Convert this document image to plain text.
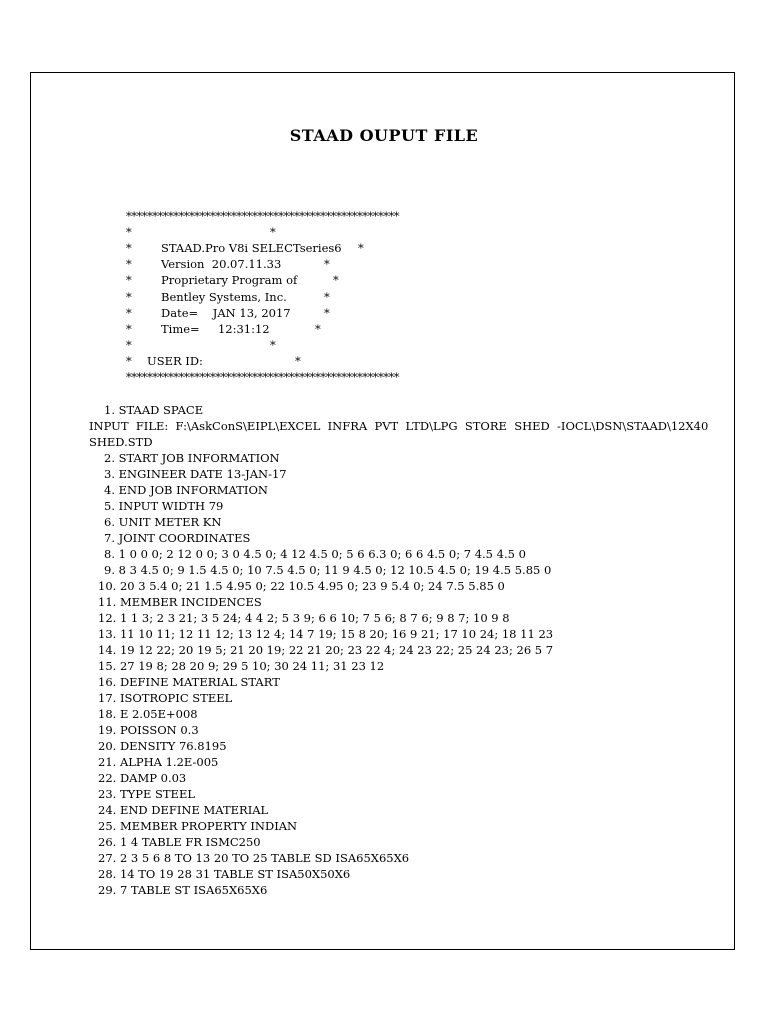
STAAD OUPUT FILE
****************************************************
*	*
*	STAAD.Pro V8i SELECTseries6 *
*	Version  20.07.11.33	*
*	Proprietary Program of	*
*	Bentley Systems, Inc.	*
*	Date=    JAN 13, 2017	*
*	Time=     12:31:12	*
*	*
* USER ID:	*
****************************************************
1. STAAD SPACE
INPUT  FILE:  F:\AskConS\EIPL\EXCEL  INFRA  PVT  LTD\LPG  STORE  SHED  -IOCL\DSN\STAAD\12X40
SHED.STD
2. START JOB INFORMATION
3. ENGINEER DATE 13-JAN-17
4. END JOB INFORMATION
5. INPUT WIDTH 79
6. UNIT METER KN
7. JOINT COORDINATES
8. 1 0 0 0; 2 12 0 0; 3 0 4.5 0; 4 12 4.5 0; 5 6 6.3 0; 6 6 4.5 0; 7 4.5 4.5 0
9. 8 3 4.5 0; 9 1.5 4.5 0; 10 7.5 4.5 0; 11 9 4.5 0; 12 10.5 4.5 0; 19 4.5 5.85 0
10. 20 3 5.4 0; 21 1.5 4.95 0; 22 10.5 4.95 0; 23 9 5.4 0; 24 7.5 5.85 0
11. MEMBER INCIDENCES
12. 1 1 3; 2 3 21; 3 5 24; 4 4 2; 5 3 9; 6 6 10; 7 5 6; 8 7 6; 9 8 7; 10 9 8
13. 11 10 11; 12 11 12; 13 12 4; 14 7 19; 15 8 20; 16 9 21; 17 10 24; 18 11 23
14. 19 12 22; 20 19 5; 21 20 19; 22 21 20; 23 22 4; 24 23 22; 25 24 23; 26 5 7
15. 27 19 8; 28 20 9; 29 5 10; 30 24 11; 31 23 12
16. DEFINE MATERIAL START
17. ISOTROPIC STEEL
18. E 2.05E+008
19. POISSON 0.3
20. DENSITY 76.8195
21. ALPHA 1.2E-005
22. DAMP 0.03
23. TYPE STEEL
24. END DEFINE MATERIAL
25. MEMBER PROPERTY INDIAN
26. 1 4 TABLE FR ISMC250
27. 2 3 5 6 8 TO 13 20 TO 25 TABLE SD ISA65X65X6
28. 14 TO 19 28 31 TABLE ST ISA50X50X6
29. 7 TABLE ST ISA65X65X6
